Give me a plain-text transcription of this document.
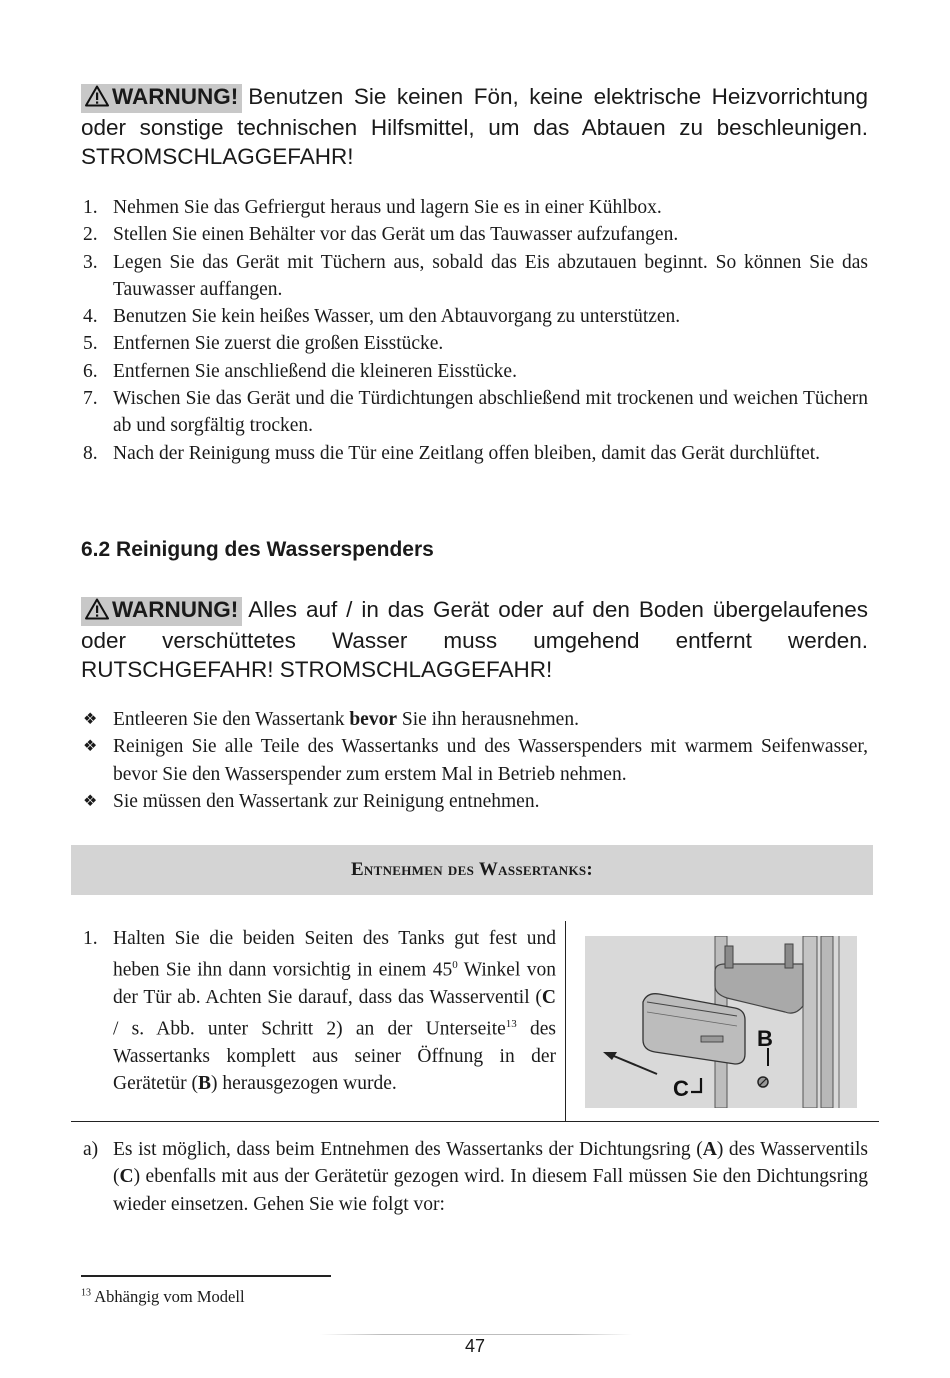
WARNUNG! Benutzen Sie keinen Fön, keine elektrische Heizvorrichtung oder sonstige technischen Hilfsmittel, um das Abtauen zu beschleunigen. STROMSCHLAGGEFAHR!
1. Nehmen Sie das Gefriergut heraus und lagern Sie es in einer Kühlbox.
2. Stellen Sie einen Behälter vor das Gerät um das Tauwasser aufzufangen.
3. Legen Sie das Gerät mit Tüchern aus, sobald das Eis abzutauen beginnt. So können Sie das Tauwasser auffangen.
4. Benutzen Sie kein heißes Wasser, um den Abtauvorgang zu unterstützen.
5. Entfernen Sie zuerst die großen Eisstücke.
6. Entfernen Sie anschließend die kleineren Eisstücke.
7. Wischen Sie das Gerät und die Türdichtungen abschließend mit trockenen und weichen Tüchern ab und sorgfältig trocken.
8. Nach der Reinigung muss die Tür eine Zeitlang offen bleiben, damit das Gerät durchlüftet.
6.2 Reinigung des Wasserspenders
WARNUNG! Alles auf / in das Gerät oder auf den Boden übergelaufenes oder verschüttetes Wasser muss umgehend entfernt werden. RUTSCHGEFAHR! STROMSCHLAGGEFAHR!
❖ Entleeren Sie den Wassertank bevor Sie ihn herausnehmen.
❖ Reinigen Sie alle Teile des Wassertanks und des Wasserspenders mit warmem Seifenwasser, bevor Sie den Wasserspender zum erstem Mal in Betrieb nehmen.
❖ Sie müssen den Wassertank zur Reinigung entnehmen.
Entnehmen des Wassertanks:
1. Halten Sie die beiden Seiten des Tanks gut fest und heben Sie ihn dann vorsichtig in einem $45^0$ Winkel von der Tür ab. Achten Sie darauf, dass das Wasserventil (C / s. Abb. unter Schritt 2) an der Unterseite$^{13}$ des Wassertanks komplett aus seiner Öffnung in der Gerätetür (B) herausgezogen wurde.
B
C
a) Es ist möglich, dass beim Entnehmen des Wassertanks der Dichtungsring (A) des Wasserventils (C) ebenfalls mit aus der Gerätetür gezogen wird. In diesem Fall müssen Sie den Dichtungsring wieder einsetzen. Gehen Sie wie folgt vor:
$^{13}$ Abhängig vom Modell
47
